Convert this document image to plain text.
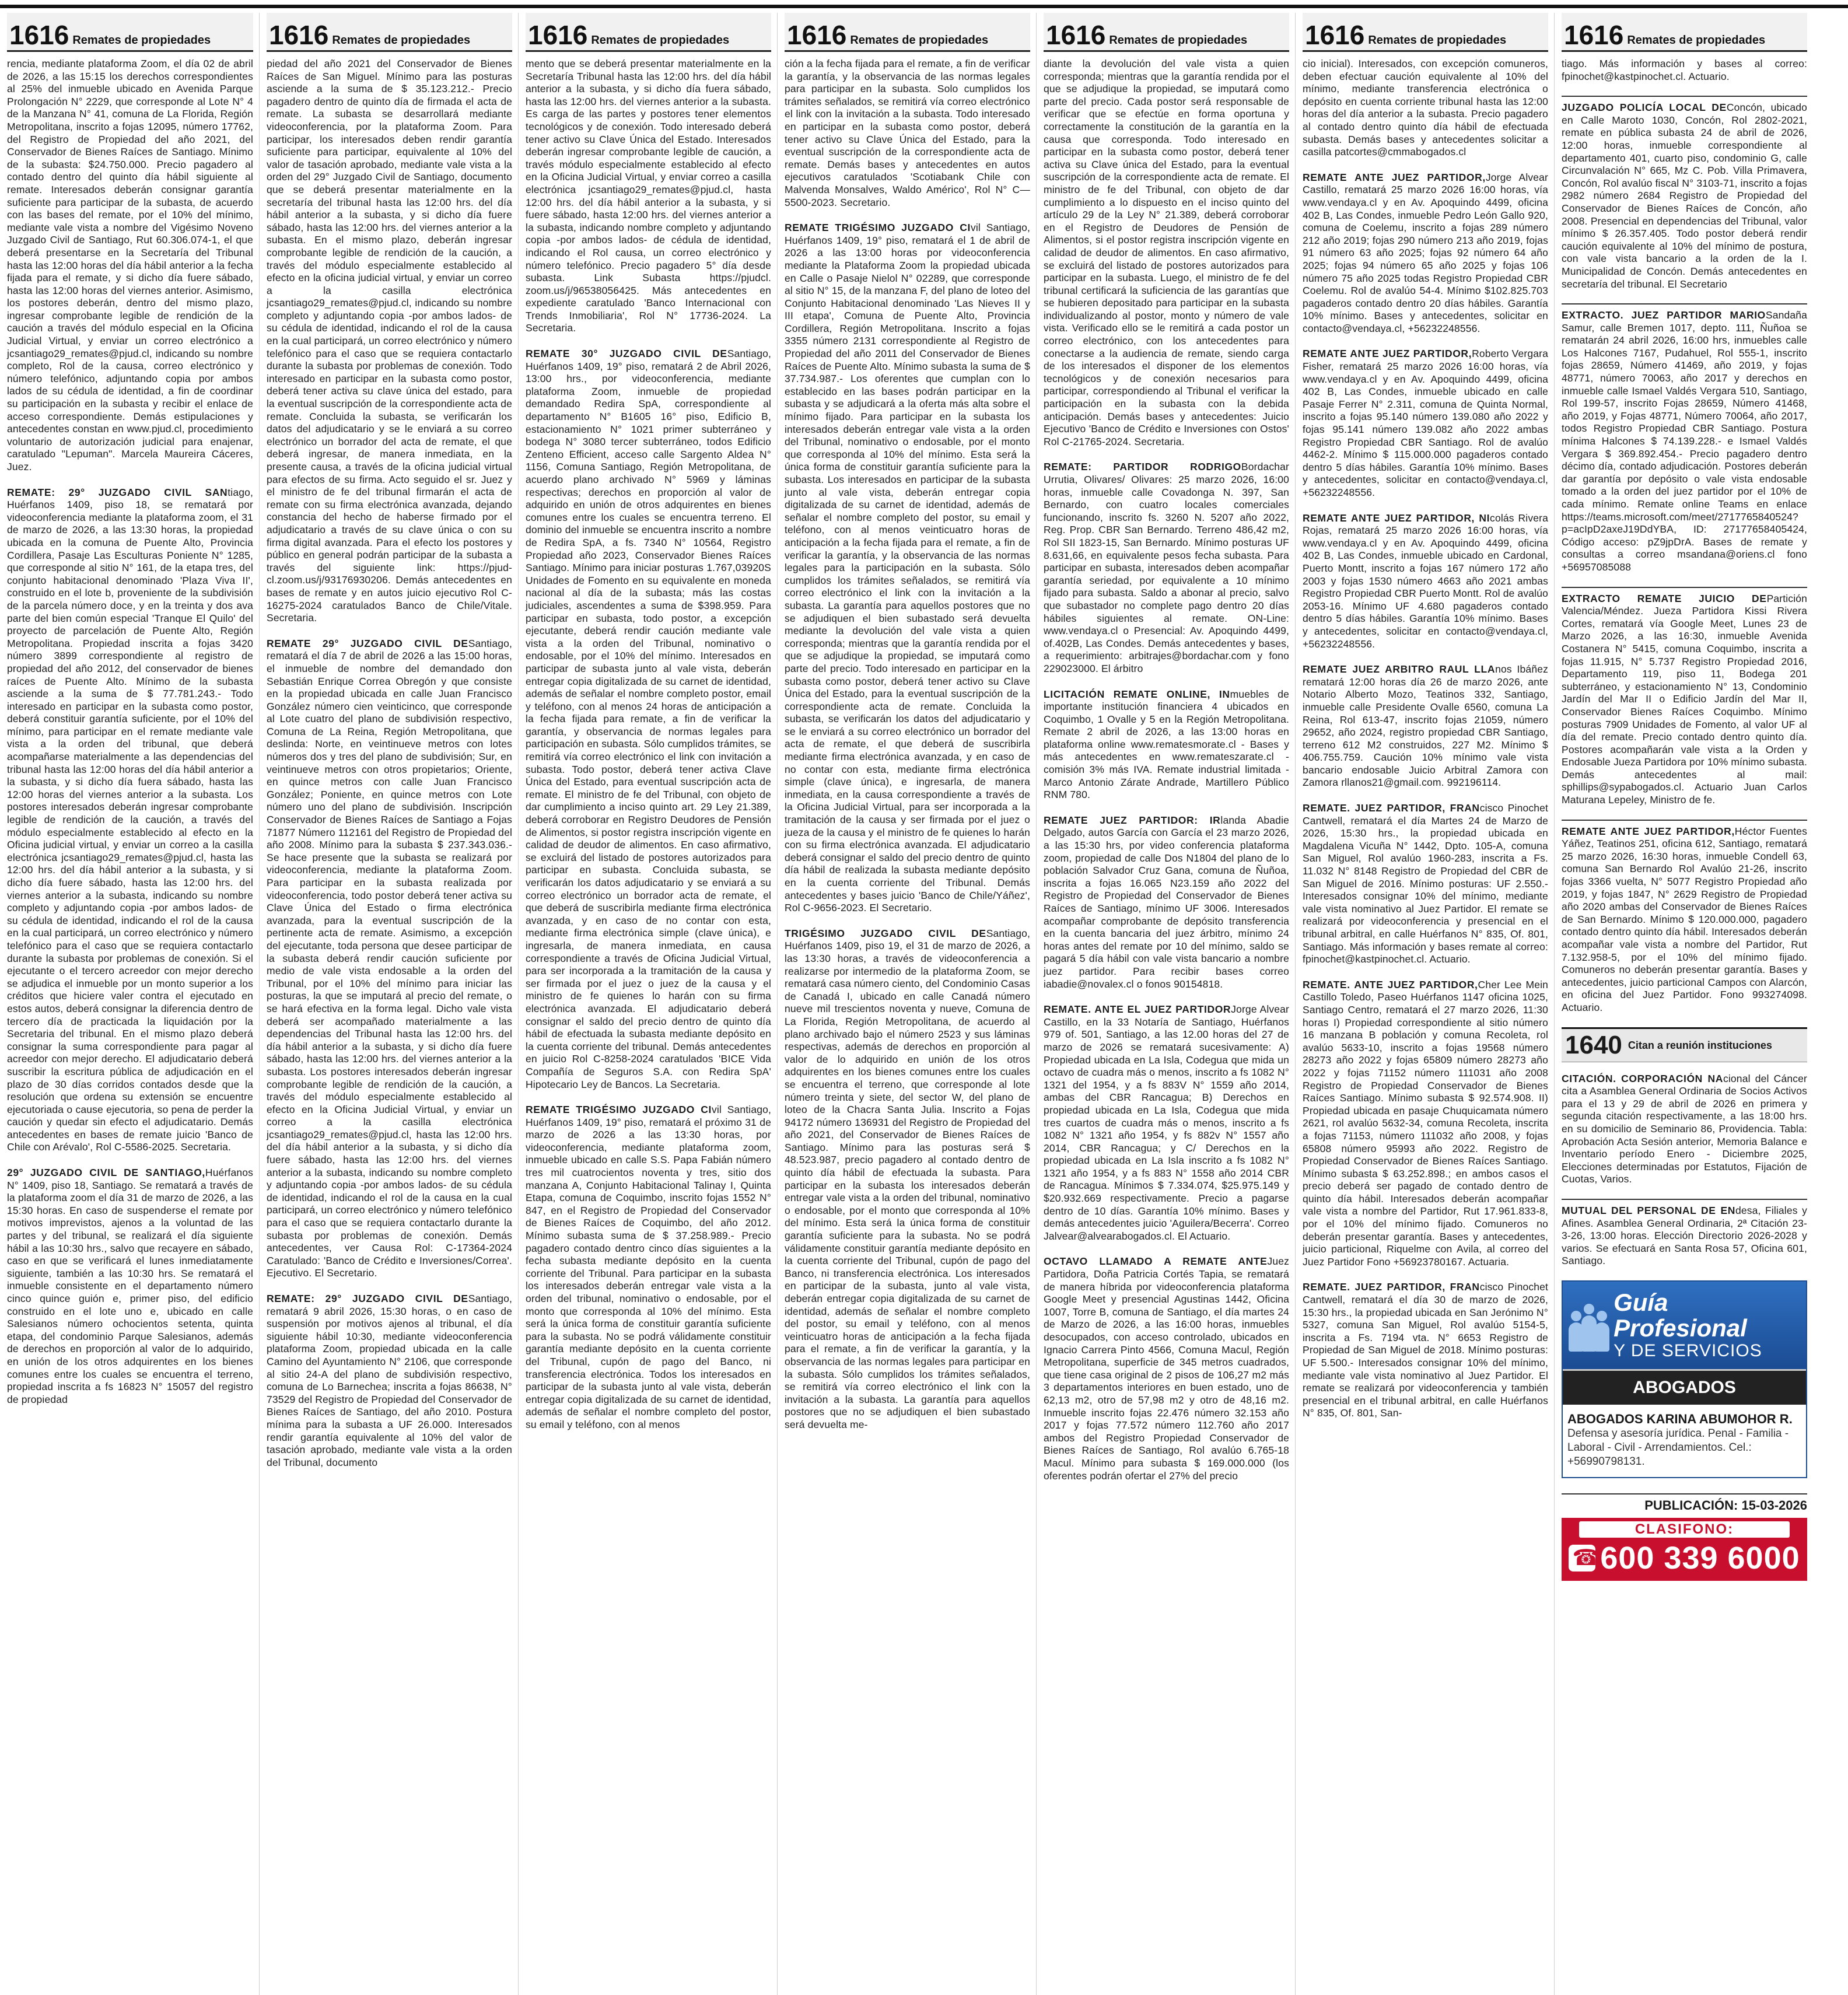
1616 Remates de propiedades

rencia, mediante plataforma Zoom, el día 02 de abril de 2026, a las 15:15 los derechos correspondientes al 25% del inmueble ubicado en Avenida Parque Prolongación N° 2229, que corresponde al Lote N° 4 de la Manzana N° 41, comuna de La Florida, Región Metropolitana, inscrito a fojas 12095, número 17762, del Registro de Propiedad del año 2021, del Conservador de Bienes Raíces de Santiago. Mínimo de la subasta: $24.750.000. Precio pagadero al contado dentro del quinto día hábil siguiente al remate. Interesados deberán consignar garantía suficiente para participar de la subasta, de acuerdo con las bases del remate, por el 10% del mínimo, mediante vale vista a nombre del Vigésimo Noveno Juzgado Civil de Santiago, Rut 60.306.074-1, el que deberá presentarse en la Secretaría del Tribunal hasta las 12:00 horas del día hábil anterior a la fecha fijada para el remate, y si dicho día fuere sábado, hasta las 12:00 horas del viernes anterior. Asimismo, los postores deberán, dentro del mismo plazo, ingresar comprobante legible de rendición de la caución a través del módulo especial en la Oficina Judicial Virtual, y enviar un correo electrónico a jcsantiago29_remates@pjud.cl, indicando su nombre completo, Rol de la causa, correo electrónico y número telefónico, adjuntando copia por ambos lados de su cédula de identidad, a fin de coordinar su participación en la subasta y recibir el enlace de acceso correspondiente. Demás estipulaciones y antecedentes constan en www.pjud.cl, procedimiento voluntario de autorización judicial para enajenar, caratulado "Lepuman". Marcela Maureira Cáceres, Juez.

REMATE: 29° JUZGADO CIVIL SANtiago, Huérfanos 1409, piso 18, se rematará por videoconferencia mediante la plataforma zoom, el 31 de marzo de 2026, a las 13:30 horas, la propiedad ubicada en la comuna de Puente Alto, Provincia Cordillera, Pasaje Las Esculturas Poniente N° 1285, que corresponde al sitio N° 161, de la etapa tres, del conjunto habitacional denominado 'Plaza Viva II', construido en el lote b, proveniente de la subdivisión de la parcela número doce, y en la treinta y dos ava parte del bien común especial 'Tranque El Quilo' del proyecto de parcelación de Puente Alto, Región Metropolitana. Propiedad inscrita a fojas 3420 número 3899 correspondiente al registro de propiedad del año 2012, del conservador de bienes raíces de Puente Alto. Mínimo de la subasta asciende a la suma de $ 77.781.243.- Todo interesado en participar en la subasta como postor, deberá constituir garantía suficiente, por el 10% del mínimo, para participar en el remate mediante vale vista a la orden del tribunal, que deberá acompañarse materialmente a las dependencias del tribunal hasta las 12:00 horas del día hábil anterior a la subasta, y si dicho día fuera sábado, hasta las 12:00 horas del viernes anterior a la subasta. Los postores interesados deberán ingresar comprobante legible de rendición de la caución, a través del módulo especialmente establecido al efecto en la Oficina judicial virtual, y enviar un correo a la casilla electrónica jcsantiago29_remates@pjud.cl, hasta las 12:00 hrs. del día hábil anterior a la subasta, y si dicho día fuere sábado, hasta las 12:00 hrs. del viernes anterior a la subasta, indicando su nombre completo y adjuntando copia -por ambos lados- de su cédula de identidad, indicando el rol de la causa en la cual participará, un correo electrónico y número telefónico para el caso que se requiera contactarlo durante la subasta por problemas de conexión. Si el ejecutante o el tercero acreedor con mejor derecho se adjudica el inmueble por un monto superior a los créditos que hiciere valer contra el ejecutado en estos autos, deberá consignar la diferencia dentro de tercero día de practicada la liquidación por la Secretaria del tribunal. En el mismo plazo deberá consignar la suma correspondiente para pagar al acreedor con mejor derecho. El adjudicatario deberá suscribir la escritura pública de adjudicación en el plazo de 30 días corridos contados desde que la resolución que ordena su extensión se encuentre ejecutoriada o cause ejecutoria, so pena de perder la caución y quedar sin efecto el adjudicatario. Demás antecedentes en bases de remate juicio 'Banco de Chile con Arévalo', Rol C-5586-2025. Secretaria.

29° JUZGADO CIVIL DE SANTIAGO,Huérfanos N° 1409, piso 18, Santiago. Se rematará a través de la plataforma zoom el día 31 de marzo de 2026, a las 15:30 horas. En caso de suspenderse el remate por motivos imprevistos, ajenos a la voluntad de las partes y del tribunal, se realizará el día siguiente hábil a las 10:30 hrs., salvo que recayere en sábado, caso en que se verificará el lunes inmediatamente siguiente, también a las 10:30 hrs. Se rematará el inmueble consistente en el departamento número cinco quince guión e, primer piso, del edificio construido en el lote uno e, ubicado en calle Salesianos número ochocientos setenta, quinta etapa, del condominio Parque Salesianos, además de derechos en proporción al valor de lo adquirido, en unión de los otros adquirentes en los bienes comunes entre los cuales se encuentra el terreno, propiedad inscrita a fs 16823 N° 15057 del registro de propiedad

1616 Remates de propiedades

piedad del año 2021 del Conservador de Bienes Raíces de San Miguel. Mínimo para las posturas asciende a la suma de $ 35.123.212.- Precio pagadero dentro de quinto día de firmada el acta de remate. La subasta se desarrollará mediante videoconferencia, por la plataforma Zoom. Para participar, los interesados deben rendir garantía suficiente para participar, equivalente al 10% del valor de tasación aprobado, mediante vale vista a la orden del 29° Juzgado Civil de Santiago, documento que se deberá presentar materialmente en la secretaría del tribunal hasta las 12:00 hrs. del día hábil anterior a la subasta, y si dicho día fuere sábado, hasta las 12:00 hrs. del viernes anterior a la subasta. En el mismo plazo, deberán ingresar comprobante legible de rendición de la caución, a través del módulo especialmente establecido al efecto en la oficina judicial virtual, y enviar un correo a la casilla electrónica jcsantiago29_remates@pjud.cl, indicando su nombre completo y adjuntando copia -por ambos lados- de su cédula de identidad, indicando el rol de la causa en la cual participará, un correo electrónico y número telefónico para el caso que se requiera contactarlo durante la subasta por problemas de conexión. Todo interesado en participar en la subasta como postor, deberá tener activa su clave única del estado, para la eventual suscripción de la correspondiente acta de remate. Concluida la subasta, se verificarán los datos del adjudicatario y se le enviará a su correo electrónico un borrador del acta de remate, el que deberá ingresar, de manera inmediata, en la presente causa, a través de la oficina judicial virtual para efectos de su firma. Acto seguido el sr. Juez y el ministro de fe del tribunal firmarán el acta de remate con su firma electrónica avanzada, dejando constancia del hecho de haberse firmado por el adjudicatario a través de su clave única o con su firma digital avanzada. Para el efecto los postores y público en general podrán participar de la subasta a través del siguiente link: https://pjud-cl.zoom.us/j/93176930206. Demás antecedentes en bases de remate y en autos juicio ejecutivo Rol C-16275-2024 caratulados Banco de Chile/Vitale. Secretaria.

REMATE 29° JUZGADO CIVIL DESantiago, rematará el día 7 de abril de 2026 a las 15:00 horas, el inmueble de nombre del demandado don Sebastián Enrique Correa Obregón y que consiste en la propiedad ubicada en calle Juan Francisco González número cien veinticinco, que corresponde al Lote cuatro del plano de subdivisión respectivo, Comuna de La Reina, Región Metropolitana, que deslinda: Norte, en veintinueve metros con lotes números dos y tres del plano de subdivisión; Sur, en veintinueve metros con otros propietarios; Oriente, en quince metros con calle Juan Francisco González; Poniente, en quince metros con Lote número uno del plano de subdivisión. Inscripción Conservador de Bienes Raíces de Santiago a Fojas 71877 Número 112161 del Registro de Propiedad del año 2008. Mínimo para la subasta $ 237.343.036.- Se hace presente que la subasta se realizará por videoconferencia, mediante la plataforma Zoom. Para participar en la subasta realizada por videoconferencia, todo postor deberá tener activa su Clave Única del Estado o firma electrónica avanzada, para la eventual suscripción de la pertinente acta de remate. Asimismo, a excepción del ejecutante, toda persona que desee participar de la subasta deberá rendir caución suficiente por medio de vale vista endosable a la orden del Tribunal, por el 10% del mínimo para iniciar las posturas, la que se imputará al precio del remate, o se hará efectiva en la forma legal. Dicho vale vista deberá ser acompañado materialmente a las dependencias del Tribunal hasta las 12:00 hrs. del día hábil anterior a la subasta, y si dicho día fuere sábado, hasta las 12:00 hrs. del viernes anterior a la subasta. Los postores interesados deberán ingresar comprobante legible de rendición de la caución, a través del módulo especialmente establecido al efecto en la Oficina Judicial Virtual, y enviar un correo a la casilla electrónica jcsantiago29_remates@pjud.cl, hasta las 12:00 hrs. del día hábil anterior a la subasta, y si dicho día fuere sábado, hasta las 12:00 hrs. del viernes anterior a la subasta, indicando su nombre completo y adjuntando copia -por ambos lados- de su cédula de identidad, indicando el rol de la causa en la cual participará, un correo electrónico y número telefónico para el caso que se requiera contactarlo durante la subasta por problemas de conexión. Demás antecedentes, ver Causa Rol: C-17364-2024 Caratulado: 'Banco de Crédito e Inversiones/Correa'. Ejecutivo. El Secretario.

REMATE: 29° JUZGADO CIVIL DESantiago, rematará 9 abril 2026, 15:30 horas, o en caso de suspensión por motivos ajenos al tribunal, el día siguiente hábil 10:30, mediante videoconferencia plataforma Zoom, propiedad ubicada en la calle Camino del Ayuntamiento N° 2106, que corresponde al sitio 24-A del plano de subdivisión respectivo, comuna de Lo Barnechea; inscrita a fojas 86638, N° 73529 del Registro de Propiedad del Conservador de Bienes Raíces de Santiago, del año 2010. Postura mínima para la subasta a UF 26.000. Interesados rendir garantía equivalente al 10% del valor de tasación aprobado, mediante vale vista a la orden del Tribunal, documento

1616 Remates de propiedades

mento que se deberá presentar materialmente en la Secretaría Tribunal hasta las 12:00 hrs. del día hábil anterior a la subasta, y si dicho día fuera sábado, hasta las 12:00 hrs. del viernes anterior a la subasta. Es carga de las partes y postores tener elementos tecnológicos y de conexión. Todo interesado deberá tener activo su Clave Única del Estado. Interesados deberán ingresar comprobante legible de caución, a través módulo especialmente establecido al efecto en la Oficina Judicial Virtual, y enviar correo a casilla electrónica jcsantiago29_remates@pjud.cl, hasta 12:00 hrs. del día hábil anterior a la subasta, y si fuere sábado, hasta 12:00 hrs. del viernes anterior a la subasta, indicando nombre completo y adjuntando copia -por ambos lados- de cédula de identidad, indicando el Rol causa, un correo electrónico y número telefónico. Precio pagadero 5° día desde subasta. Link Subasta https://pjudcl. zoom.us/j/96538056425. Más antecedentes en expediente caratulado 'Banco Internacional con Trends Inmobiliaria', Rol N° 17736-2024. La Secretaria.

REMATE 30° JUZGADO CIVIL DESantiago, Huérfanos 1409, 19° piso, rematará 2 de Abril 2026, 13:00 hrs., por videoconferencia, mediante plataforma Zoom, inmueble de propiedad demandado Redira SpA, correspondiente al departamento N° B1605 16° piso, Edificio B, estacionamiento N° 1021 primer subterráneo y bodega N° 3080 tercer subterráneo, todos Edificio Zenteno Efficient, acceso calle Sargento Aldea N° 1156, Comuna Santiago, Región Metropolitana, de acuerdo plano archivado N° 5969 y láminas respectivas; derechos en proporción al valor de adquirido en unión de otros adquirentes en bienes comunes entre los cuales se encuentra terreno. El dominio del inmueble se encuentra inscrito a nombre de Redira SpA, a fs. 7340 N° 10564, Registro Propiedad año 2023, Conservador Bienes Raíces Santiago. Mínimo para iniciar posturas 1.767,03920S Unidades de Fomento en su equivalente en moneda nacional al día de la subasta; más las costas judiciales, ascendentes a suma de $398.959. Para participar en subasta, todo postor, a excepción ejecutante, deberá rendir caución mediante vale vista a la orden del Tribunal, nominativo o endosable, por el 10% del mínimo. Interesados en participar de subasta junto al vale vista, deberán entregar copia digitalizada de su carnet de identidad, además de señalar el nombre completo postor, email y teléfono, con al menos 24 horas de anticipación a la fecha fijada para remate, a fin de verificar la garantía, y observancia de normas legales para participación en subasta. Sólo cumplidos trámites, se remitirá vía correo electrónico el link con invitación a subasta. Todo postor, deberá tener activa Clave Única del Estado, para eventual suscripción acta de remate. El ministro de fe del Tribunal, con objeto de dar cumplimiento a inciso quinto art. 29 Ley 21.389, deberá corroborar en Registro Deudores de Pensión de Alimentos, si postor registra inscripción vigente en calidad de deudor de alimentos. En caso afirmativo, se excluirá del listado de postores autorizados para participar en subasta. Concluida subasta, se verificarán los datos adjudicatario y se enviará a su correo electrónico un borrador acta de remate, el que deberá de suscribirla mediante firma electrónica avanzada, y en caso de no contar con esta, mediante firma electrónica simple (clave única), e ingresarla, de manera inmediata, en causa correspondiente a través de Oficina Judicial Virtual, para ser incorporada a la tramitación de la causa y ser firmada por el juez o juez de la causa y el ministro de fe quienes lo harán con su firma electrónica avanzada. El adjudicatario deberá consignar el saldo del precio dentro de quinto día hábil de efectuada la subasta mediante depósito en la cuenta corriente del tribunal. Demás antecedentes en juicio Rol C-8258-2024 caratulados 'BICE Vida Compañía de Seguros S.A. con Redira SpA' Hipotecario Ley de Bancos. La Secretaria.

REMATE TRIGÉSIMO JUZGADO CIvil Santiago, Huérfanos 1409, 19° piso, rematará el próximo 31 de marzo de 2026 a las 13:30 horas, por videoconferencia, mediante plataforma zoom, inmueble ubicado en calle S.S. Papa Fabián número tres mil cuatrocientos noventa y tres, sitio dos manzana A, Conjunto Habitacional Talinay I, Quinta Etapa, comuna de Coquimbo, inscrito fojas 1552 N° 847, en el Registro de Propiedad del Conservador de Bienes Raíces de Coquimbo, del año 2012. Mínimo subasta suma de $ 37.258.989.- Precio pagadero contado dentro cinco días siguientes a la fecha subasta mediante depósito en la cuenta corriente del Tribunal. Para participar en la subasta los interesados deberán entregar vale vista a la orden del tribunal, nominativo o endosable, por el monto que corresponda al 10% del mínimo. Esta será la única forma de constituir garantía suficiente para la subasta. No se podrá válidamente constituir garantía mediante depósito en la cuenta corriente del Tribunal, cupón de pago del Banco, ni transferencia electrónica. Todos los interesados en participar de la subasta junto al vale vista, deberán entregar copia digitalizada de su carnet de identidad, además de señalar el nombre completo del postor, su email y teléfono, con al menos

1616 Remates de propiedades

ción a la fecha fijada para el remate, a fin de verificar la garantía, y la observancia de las normas legales para participar en la subasta. Solo cumplidos los trámites señalados, se remitirá vía correo electrónico el link con la invitación a la subasta. Todo interesado en participar en la subasta como postor, deberá tener activo su Clave Única del Estado, para la eventual suscripción de la correspondiente acta de remate. Demás bases y antecedentes en autos ejecutivos caratulados 'Scotiabank Chile con Malvenda Monsalves, Waldo Américo', Rol N° C—5500-2023. Secretario.

REMATE TRIGÉSIMO JUZGADO CIvil Santiago, Huérfanos 1409, 19° piso, rematará el 1 de abril de 2026 a las 13:00 horas por videoconferencia mediante la Plataforma Zoom la propiedad ubicada en Calle o Pasaje Nielol N° 02289, que corresponde al sitio N° 15, de la manzana F, del plano de loteo del Conjunto Habitacional denominado 'Las Nieves II y III etapa', Comuna de Puente Alto, Provincia Cordillera, Región Metropolitana. Inscrito a fojas 3355 número 2131 correspondiente al Registro de Propiedad del año 2011 del Conservador de Bienes Raíces de Puente Alto. Mínimo subasta la suma de $ 37.734.987.- Los oferentes que cumplan con lo establecido en las bases podrán participar en la subasta y se adjudicará a la oferta más alta sobre el mínimo fijado. Para participar en la subasta los interesados deberán entregar vale vista a la orden del Tribunal, nominativo o endosable, por el monto que corresponda al 10% del mínimo. Esta será la única forma de constituir garantía suficiente para la subasta. Los interesados en participar de la subasta junto al vale vista, deberán entregar copia digitalizada de su carnet de identidad, además de señalar el nombre completo del postor, su email y teléfono, con al menos veinticuatro horas de anticipación a la fecha fijada para el remate, a fin de verificar la garantía, y la observancia de las normas legales para la participación en la subasta. Sólo cumplidos los trámites señalados, se remitirá vía correo electrónico el link con la invitación a la subasta. La garantía para aquellos postores que no se adjudiquen el bien subastado será devuelta mediante la devolución del vale vista a quien corresponda; mientras que la garantía rendida por el que se adjudique la propiedad, se imputará como parte del precio. Todo interesado en participar en la subasta como postor, deberá tener activo su Clave Única del Estado, para la eventual suscripción de la correspondiente acta de remate. Concluida la subasta, se verificarán los datos del adjudicatario y se le enviará a su correo electrónico un borrador del acta de remate, el que deberá de suscribirla mediante firma electrónica avanzada, y en caso de no contar con esta, mediante firma electrónica simple (clave única), e ingresarla, de manera inmediata, en la causa correspondiente a través de la Oficina Judicial Virtual, para ser incorporada a la tramitación de la causa y ser firmada por el juez o jueza de la causa y el ministro de fe quienes lo harán con su firma electrónica avanzada. El adjudicatario deberá consignar el saldo del precio dentro de quinto día hábil de realizada la subasta mediante depósito en la cuenta corriente del Tribunal. Demás antecedentes y bases juicio 'Banco de Chile/Yáñez', Rol C-9656-2023. El Secretario.

TRIGÉSIMO JUZGADO CIVIL DESantiago, Huérfanos 1409, piso 19, el 31 de marzo de 2026, a las 13:30 horas, a través de videoconferencia a realizarse por intermedio de la plataforma Zoom, se rematará casa número ciento, del Condominio Casas de Canadá I, ubicado en calle Canadá número nueve mil trescientos noventa y nueve, Comuna de La Florida, Región Metropolitana, de acuerdo al plano archivado bajo el número 2523 y sus láminas respectivas, además de derechos en proporción al valor de lo adquirido en unión de los otros adquirentes en los bienes comunes entre los cuales se encuentra el terreno, que corresponde al lote número treinta y siete, del sector W, del plano de loteo de la Chacra Santa Julia. Inscrito a Fojas 94172 número 136931 del Registro de Propiedad del año 2021, del Conservador de Bienes Raíces de Santiago. Mínimo para las posturas será $ 48.523.987, precio pagadero al contado dentro de quinto día hábil de efectuada la subasta. Para participar en la subasta los interesados deberán entregar vale vista a la orden del tribunal, nominativo o endosable, por el monto que corresponda al 10% del mínimo. Esta será la única forma de constituir garantía suficiente para la subasta. No se podrá válidamente constituir garantía mediante depósito en la cuenta corriente del Tribunal, cupón de pago del Banco, ni transferencia electrónica. Los interesados en participar de la subasta, junto al vale vista, deberán entregar copia digitalizada de su carnet de identidad, además de señalar el nombre completo del postor, su email y teléfono, con al menos veinticuatro horas de anticipación a la fecha fijada para el remate, a fin de verificar la garantía, y la observancia de las normas legales para participar en la subasta. Sólo cumplidos los trámites señalados, se remitirá vía correo electrónico el link con la invitación a la subasta. La garantía para aquellos postores que no se adjudiquen el bien subastado será devuelta me-

1616 Remates de propiedades

diante la devolución del vale vista a quien corresponda; mientras que la garantía rendida por el que se adjudique la propiedad, se imputará como parte del precio. Cada postor será responsable de verificar que se efectúe en forma oportuna y correctamente la constitución de la garantía en la causa que corresponda. Todo interesado en participar en la subasta como postor, deberá tener activa su Clave única del Estado, para la eventual suscripción de la correspondiente acta de remate. El ministro de fe del Tribunal, con objeto de dar cumplimiento a lo dispuesto en el inciso quinto del artículo 29 de la Ley N° 21.389, deberá corroborar en el Registro de Deudores de Pensión de Alimentos, si el postor registra inscripción vigente en calidad de deudor de alimentos. En caso afirmativo, se excluirá del listado de postores autorizados para participar en la subasta. Luego, el ministro de fe del tribunal certificará la suficiencia de las garantías que se hubieren depositado para participar en la subasta individualizando al postor, monto y número de vale vista. Verificado ello se le remitirá a cada postor un correo electrónico, con los antecedentes para conectarse a la audiencia de remate, siendo carga de los interesados el disponer de los elementos tecnológicos y de conexión necesarios para participar, correspondiendo al Tribunal el verificar la participación en la subasta con la debida anticipación. Demás bases y antecedentes: Juicio Ejecutivo 'Banco de Crédito e Inversiones con Ostos' Rol C-21765-2024. Secretaria.

REMATE: PARTIDOR RODRIGOBordachar Urrutia, Olivares/ Olivares: 25 marzo 2026, 16:00 horas, inmueble calle Covadonga N. 397, San Bernardo, con cuatro locales comerciales funcionando, inscrito fs. 3260 N. 5207 año 2022, Reg. Prop. CBR San Bernardo. Terreno 486,42 m2, Rol SII 1823-15, San Bernardo. Mínimo posturas UF 8.631,66, en equivalente pesos fecha subasta. Para participar en subasta, interesados deben acompañar garantía seriedad, por equivalente a 10 mínimo fijado para subasta. Saldo a abonar al precio, salvo que subastador no complete pago dentro 20 días hábiles siguientes al remate. ON-Line: www.vendaya.cl o Presencial: Av. Apoquindo 4499, of.402B, Las Condes. Demás antecedentes y bases, a requerimiento: arbitrajes@bordachar.com y fono 229023000. El árbitro

LICITACIÓN REMATE ONLINE, INmuebles de importante institución financiera 4 ubicados en Coquimbo, 1 Ovalle y 5 en la Región Metropolitana. Remate 2 abril de 2026, a las 13:00 horas en plataforma online www.rematesmorate.cl - Bases y más antecedentes en www.remateszarate.cl - comisión 3% más IVA. Remate industrial limitada - Marco Antonio Zárate Andrade, Martillero Público RNM 780.

REMATE JUEZ PARTIDOR: IRlanda Abadie Delgado, autos García con García el 23 marzo 2026, a las 15:30 hrs, por video conferencia plataforma zoom, propiedad de calle Dos N1804 del plano de lo población Salvador Cruz Gana, comuna de Ñuñoa, inscrita a fojas 16.065 N23.159 año 2022 del Registro de Propiedad del Conservador de Bienes Raíces de Santiago, mínimo UF 3006. Interesados acompañar comprobante de depósito transferencia en la cuenta bancaria del juez árbitro, mínimo 24 horas antes del remate por 10 del mínimo, saldo se pagará 5 día hábil con vale vista bancario a nombre juez partidor. Para recibir bases correo iabadie@novalex.cl o fonos 90154818.

REMATE. ANTE EL JUEZ PARTIDORJorge Alvear Castillo, en la 33 Notaría de Santiago, Huérfanos 979 of. 501, Santiago, a las 12.00 horas del 27 de marzo de 2026 se rematará sucesivamente: A) Propiedad ubicada en La Isla, Codegua que mida un octavo de cuadra más o menos, inscrito a fs 1082 N° 1321 del 1954, y a fs 883V N° 1559 año 2014, ambas del CBR Rancagua; B) Derechos en propiedad ubicada en La Isla, Codegua que mida tres cuartos de cuadra más o menos, inscrito a fs 1082 N° 1321 año 1954, y fs 882v N° 1557 año 2014, CBR Rancagua; y C/ Derechos en la propiedad ubicada en La Isla inscrito a fs 1082 N° 1321 año 1954, y a fs 883 N° 1558 año 2014 CBR de Rancagua. Mínimos $ 7.334.074, $25.975.149 y $20.932.669 respectivamente. Precio a pagarse dentro de 10 días. Garantía 10% mínimo. Bases y demás antecedentes juicio 'Aguilera/Becerra'. Correo Jalvear@alvearabogados.cl. El Actuario.

OCTAVO LLAMADO A REMATE ANTEJuez Partidora, Doña Patricia Cortés Tapia, se rematará de manera híbrida por videoconferencia plataforma Google Meet y presencial Agustinas 1442, Oficina 1007, Torre B, comuna de Santiago, el día martes 24 de Marzo de 2026, a las 16:00 horas, inmuebles desocupados, con acceso controlado, ubicados en Ignacio Carrera Pinto 4566, Comuna Macul, Región Metropolitana, superficie de 345 metros cuadrados, que tiene casa original de 2 pisos de 106,27 m2 más 3 departamentos interiores en buen estado, uno de 62,13 m2, otro de 57,98 m2 y otro de 48,16 m2. Inmueble inscrito fojas 22.476 número 32.153 año 2017 y fojas 77.572 número 112.760 año 2017 ambos del Registro Propiedad Conservador de Bienes Raíces de Santiago, Rol avalúo 6.765-18 Macul. Mínimo para subasta $ 169.000.000 (los oferentes podrán ofertar el 27% del precio

1616 Remates de propiedades

cio inicial). Interesados, con excepción comuneros, deben efectuar caución equivalente al 10% del mínimo, mediante transferencia electrónica o depósito en cuenta corriente tribunal hasta las 12:00 horas del día anterior a la subasta. Precio pagadero al contado dentro quinto día hábil de efectuada subasta. Demás bases y antecedentes solicitar a casilla patcortes@cmmabogados.cl

REMATE ANTE JUEZ PARTIDOR,Jorge Alvear Castillo, rematará 25 marzo 2026 16:00 horas, vía www.vendaya.cl y en Av. Apoquindo 4499, oficina 402 B, Las Condes, inmueble Pedro León Gallo 920, comuna de Coelemu, inscrito a fojas 289 número 212 año 2019; fojas 290 número 213 año 2019, fojas 91 número 63 año 2025; fojas 92 número 64 año 2025; fojas 94 número 65 año 2025 y fojas 106 número 75 año 2025 todas Registro Propiedad CBR Coelemu. Rol de avalúo 54-4. Mínimo $102.825.703 pagaderos contado dentro 20 días hábiles. Garantía 10% mínimo. Bases y antecedentes, solicitar en contacto@vendaya.cl, +56232248556.

REMATE ANTE JUEZ PARTIDOR,Roberto Vergara Fisher, rematará 25 marzo 2026 16:00 horas, vía www.vendaya.cl y en Av. Apoquindo 4499, oficina 402 B, Las Condes, inmueble ubicado en calle Pasaje Ferrer N° 2.311, comuna de Quinta Normal, inscrito a fojas 95.140 número 139.080 año 2022 y fojas 95.141 número 139.082 año 2022 ambas Registro Propiedad CBR Santiago. Rol de avalúo 4462-2. Mínimo $ 115.000.000 pagaderos contado dentro 5 días hábiles. Garantía 10% mínimo. Bases y antecedentes, solicitar en contacto@vendaya.cl, +56232248556.

REMATE ANTE JUEZ PARTIDOR, NIcolás Rivera Rojas, rematará 25 marzo 2026 16:00 horas, vía www.vendaya.cl y en Av. Apoquindo 4499, oficina 402 B, Las Condes, inmueble ubicado en Cardonal, Puerto Montt, inscrito a fojas 167 número 172 año 2003 y fojas 1530 número 4663 año 2021 ambas Registro Propiedad CBR Puerto Montt. Rol de avalúo 2053-16. Mínimo UF 4.680 pagaderos contado dentro 5 días hábiles. Garantía 10% mínimo. Bases y antecedentes, solicitar en contacto@vendaya.cl, +56232248556.

REMATE JUEZ ARBITRO RAUL LLAnos Ibáñez rematará 12:00 horas día 26 de marzo 2026, ante Notario Alberto Mozo, Teatinos 332, Santiago, inmueble calle Presidente Ovalle 6560, comuna La Reina, Rol 613-47, inscrito fojas 21059, número 29652, año 2024, registro propiedad CBR Santiago, terreno 612 M2 construidos, 227 M2. Mínimo $ 406.755.759. Caución 10% mínimo vale vista bancario endosable Juicio Arbitral Zamora con Zamora rllanos21@gmail.com. 992196114.

REMATE. JUEZ PARTIDOR, FRANcisco Pinochet Cantwell, rematará el día Martes 24 de Marzo de 2026, 15:30 hrs., la propiedad ubicada en Magdalena Vicuña N° 1442, Dpto. 105-A, comuna San Miguel, Rol avalúo 1960-283, inscrita a Fs. 11.032 N° 8148 Registro de Propiedad del CBR de San Miguel de 2016. Mínimo posturas: UF 2.550.- Interesados consignar 10% del mínimo, mediante vale vista nominativo al Juez Partidor. El remate se realizará por videoconferencia y presencial en el tribunal arbitral, en calle Huérfanos N° 835, Of. 801, Santiago. Más información y bases remate al correo: fpinochet@kastpinochet.cl. Actuario.

REMATE. ANTE JUEZ PARTIDOR,Cher Lee Mein Castillo Toledo, Paseo Huérfanos 1147 oficina 1025, Santiago Centro, rematará el 27 marzo 2026, 11:30 horas I) Propiedad correspondiente al sitio número 16 manzana B población y comuna Recoleta, rol avalúo 5633-10, inscrito a fojas 19568 número 28273 año 2022 y fojas 65809 número 28273 año 2022 y fojas 71152 número 111031 año 2008 Registro de Propiedad Conservador de Bienes Raíces Santiago. Mínimo subasta $ 92.574.908. II) Propiedad ubicada en pasaje Chuquicamata número 2621, rol avalúo 5632-34, comuna Recoleta, inscrita a fojas 71153, número 111032 año 2008, y fojas 65808 número 95993 año 2022. Registro de Propiedad Conservador de Bienes Raíces Santiago. Mínimo subasta $ 63.252.898.; en ambos casos el precio deberá ser pagado de contado dentro de quinto día hábil. Interesados deberán acompañar vale vista a nombre del Partidor, Rut 17.961.833-8, por el 10% del mínimo fijado. Comuneros no deberán presentar garantía. Bases y antecedentes, juicio particional, Riquelme con Avila, al correo del Juez Partidor Fono +56923780167. Actuaria.

REMATE. JUEZ PARTIDOR, FRANcisco Pinochet Cantwell, rematará el día 30 de marzo de 2026, 15:30 hrs., la propiedad ubicada en San Jerónimo N° 5327, comuna San Miguel, Rol avalúo 5154-5, inscrita a Fs. 7194 vta. N° 6653 Registro de Propiedad de San Miguel de 2018. Mínimo posturas: UF 5.500.- Interesados consignar 10% del mínimo, mediante vale vista nominativo al Juez Partidor. El remate se realizará por videoconferencia y también presencial en el tribunal arbitral, en calle Huérfanos N° 835, Of. 801, San-

1616 Remates de propiedades

tiago. Más información y bases al correo: fpinochet@kastpinochet.cl. Actuario.

JUZGADO POLICÍA LOCAL DEConcón, ubicado en Calle Maroto 1030, Concón, Rol 2802-2021, remate en pública subasta 24 de abril de 2026, 12:00 horas, inmueble correspondiente al departamento 401, cuarto piso, condominio G, calle Circunvalación N° 665, Mz C. Pob. Villa Primavera, Concón, Rol avalúo fiscal N° 3103-71, inscrito a fojas 2982 número 2684 Registro de Propiedad del Conservador de Bienes Raíces de Concón, año 2008. Presencial en dependencias del Tribunal, valor mínimo $ 26.357.405. Todo postor deberá rendir caución equivalente al 10% del mínimo de postura, con vale vista bancario a la orden de la I. Municipalidad de Concón. Demás antecedentes en secretaría del tribunal. El Secretario

EXTRACTO. JUEZ PARTIDOR MARIOSandaña Samur, calle Bremen 1017, depto. 111, Ñuñoa se rematarán 24 abril 2026, 16:00 hrs, inmuebles calle Los Halcones 7167, Pudahuel, Rol 555-1, inscrito fojas 28659, Número 41469, año 2019, y fojas 48771, número 70063, año 2017 y derechos en inmueble calle Ismael Valdés Vergara 510, Santiago, Rol 199-57, inscrito Fojas 28659, Número 41468, año 2019, y Fojas 48771, Número 70064, año 2017, todos Registro Propiedad CBR Santiago. Postura mínima Halcones $ 74.139.228.- e Ismael Valdés Vergara $ 369.892.454.- Precio pagadero dentro décimo día, contado adjudicación. Postores deberán dar garantía por depósito o vale vista endosable tomado a la orden del juez partidor por el 10% de cada mínimo. Remate online Teams en enlace https://teams.microsoft.com/meet/2717765840524?p=acIpD2axeJ19DdYBA, ID: 27177658405424, Código acceso: pZ9jpDrA. Bases de remate y consultas a correo msandana@oriens.cl fono +56957085088

EXTRACTO REMATE JUICIO DEPartición Valencia/Méndez. Jueza Partidora Kissi Rivera Cortes, rematará vía Google Meet, Lunes 23 de Marzo 2026, a las 16:30, inmueble Avenida Costanera N° 5415, comuna Coquimbo, inscrita a fojas 11.915, N° 5.737 Registro Propiedad 2016, Departamento 119, piso 11, Bodega 201 subterráneo, y estacionamiento N° 13, Condominio Jardín del Mar II o Edificio Jardín del Mar II, Conservador Bienes Raíces Coquimbo. Mínimo posturas 7909 Unidades de Fomento, al valor UF al día del remate. Precio contado dentro quinto día. Postores acompañarán vale vista a la Orden y Endosable Jueza Partidora por 10% mínimo subasta. Demás antecedentes al mail: sphillips@sypabogados.cl. Actuario Juan Carlos Maturana Lepeley, Ministro de fe.

REMATE ANTE JUEZ PARTIDOR,Héctor Fuentes Yáñez, Teatinos 251, oficina 612, Santiago, rematará 25 marzo 2026, 16:30 horas, inmueble Condell 63, comuna San Bernardo Rol Avalúo 21-26, inscrito fojas 3366 vuelta, N° 5077 Registro Propiedad año 2019, y fojas 1847, N° 2629 Registro de Propiedad año 2020 ambas del Conservador de Bienes Raíces de San Bernardo. Mínimo $ 120.000.000, pagadero contado dentro quinto día hábil. Interesados deberán acompañar vale vista a nombre del Partidor, Rut 7.132.958-5, por el 10% del mínimo fijado. Comuneros no deberán presentar garantía. Bases y antecedentes, juicio particional Campos con Alarcón, en oficina del Juez Partidor. Fono 993274098. Actuario.

1640 Citan a reunión instituciones

CITACIÓN. CORPORACIÓN NAcional del Cáncer cita a Asamblea General Ordinaria de Socios Activos para el 13 y 29 de abril de 2026 en primera y segunda citación respectivamente, a las 18:00 hrs. en su domicilio de Seminario 86, Providencia. Tabla: Aprobación Acta Sesión anterior, Memoria Balance e Inventario período Enero - Diciembre 2025, Elecciones determinadas por Estatutos, Fijación de Cuotas, Varios.

MUTUAL DEL PERSONAL DE ENdesa, Filiales y Afines. Asamblea General Ordinaria, 2ª Citación 23-3-26, 13:00 horas. Elección Directorio 2026-2028 y varios. Se efectuará en Santa Rosa 57, Oficina 601, Santiago.

Guía Profesional
Y DE SERVICIOS
ABOGADOS
ABOGADOS KARINA ABUMOHOR R.
Defensa y asesoría jurídica. Penal - Familia - Laboral - Civil - Arrendamientos. Cel.: +56990798131.
PUBLICACIÓN: 15-03-2026
CLASIFONO:
☎
600 339 6000
